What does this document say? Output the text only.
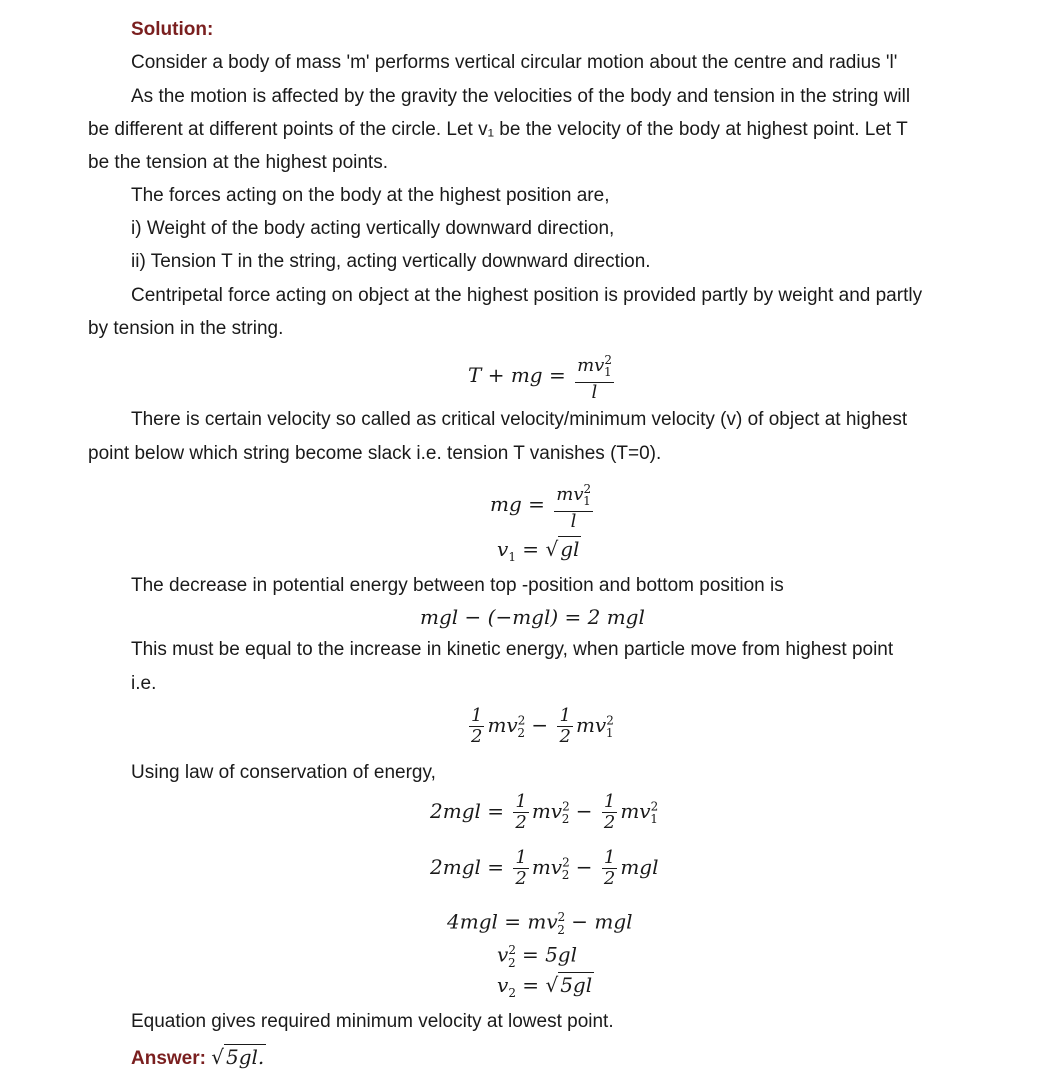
Solution:
Consider a body of mass 'm' performs vertical circular motion about the centre and radius 'l'
As the motion is affected by the gravity the velocities of the body and tension in the string will
be different at different points of the circle. Let v₁ be the velocity of the body at highest point. Let T
be the tension at the highest points.
The forces acting on the body at the highest position are,
i) Weight of the body acting vertically downward direction,
ii) Tension T in the string, acting vertically downward direction.
Centripetal force acting on object at the highest position is provided partly by weight and partly
by tension in the string.
T + mg = $\frac{mv^2_1}{l}$
There is certain velocity so called as critical velocity/minimum velocity (v) of object at highest
point below which string become slack i.e. tension T vanishes (T=0).
mg = $\frac{mv^2_1}{l}$
$v_1$ = √ gl
The decrease in potential energy between top -position and bottom position is
mgl − (−mgl) = 2 mgl
This must be equal to the increase in kinetic energy, when particle move from highest point
i.e.
$\frac{1}{2} mv^2_2 - \frac{1}{2} mv^2_1$
Using law of conservation of energy,
$2mgl = \frac{1}{2} mv^2_2 - \frac{1}{2} mv^2_1$
$2mgl = \frac{1}{2} mv^2_2 - \frac{1}{2}$ mgl
$4mgl = mv^2_2$ − mgl
$v^2_2 = 5gl$
$v_2$ = √ 5gl
Equation gives required minimum velocity at lowest point.
Answer: √ 5gl.
